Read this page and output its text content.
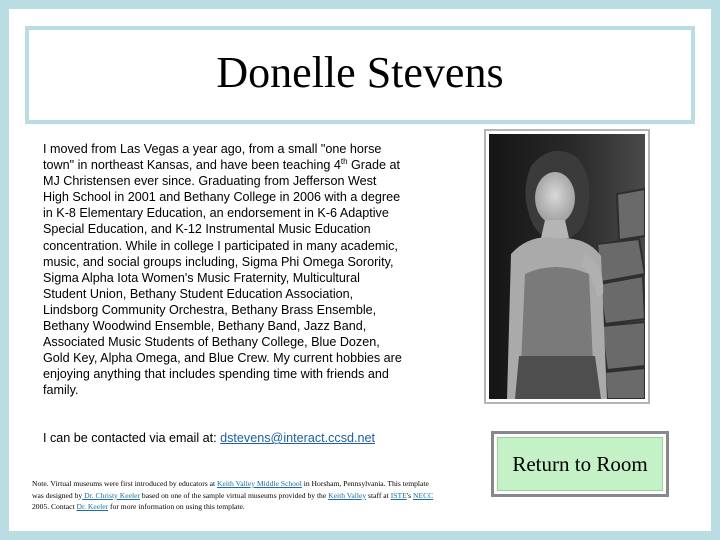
Donelle Stevens
I moved from Las Vegas a year ago, from a small "one horse town" in northeast Kansas, and have been teaching 4th Grade at MJ Christensen ever since. Graduating from Jefferson West High School in 2001 and Bethany College in 2006 with a degree in K-8 Elementary Education, an endorsement in K-6 Adaptive Special Education, and K-12 Instrumental Music Education concentration. While in college I participated in many academic, music, and social groups including, Sigma Phi Omega Sorority, Sigma Alpha Iota Women's Music Fraternity, Multicultural Student Union, Bethany Student Education Association, Lindsborg Community Orchestra, Bethany Brass Ensemble, Bethany Woodwind Ensemble, Bethany Band, Jazz Band, Associated Music Students of Bethany College, Blue Dozen, Gold Key, Alpha Omega, and Blue Crew. My current hobbies are enjoying anything that includes spending time with friends and family.
I can be contacted via email at: dstevens@interact.ccsd.net
Return to Room
Note. Virtual museums were first introduced by educators at Keith Valley Middle School in Horsham, Pennsylvania. This template was designed by Dr. Christy Keeler based on one of the sample virtual museums provided by the Keith Valley staff at ISTE's NECC 2005. Contact Dr. Keeler for more information on using this template.
